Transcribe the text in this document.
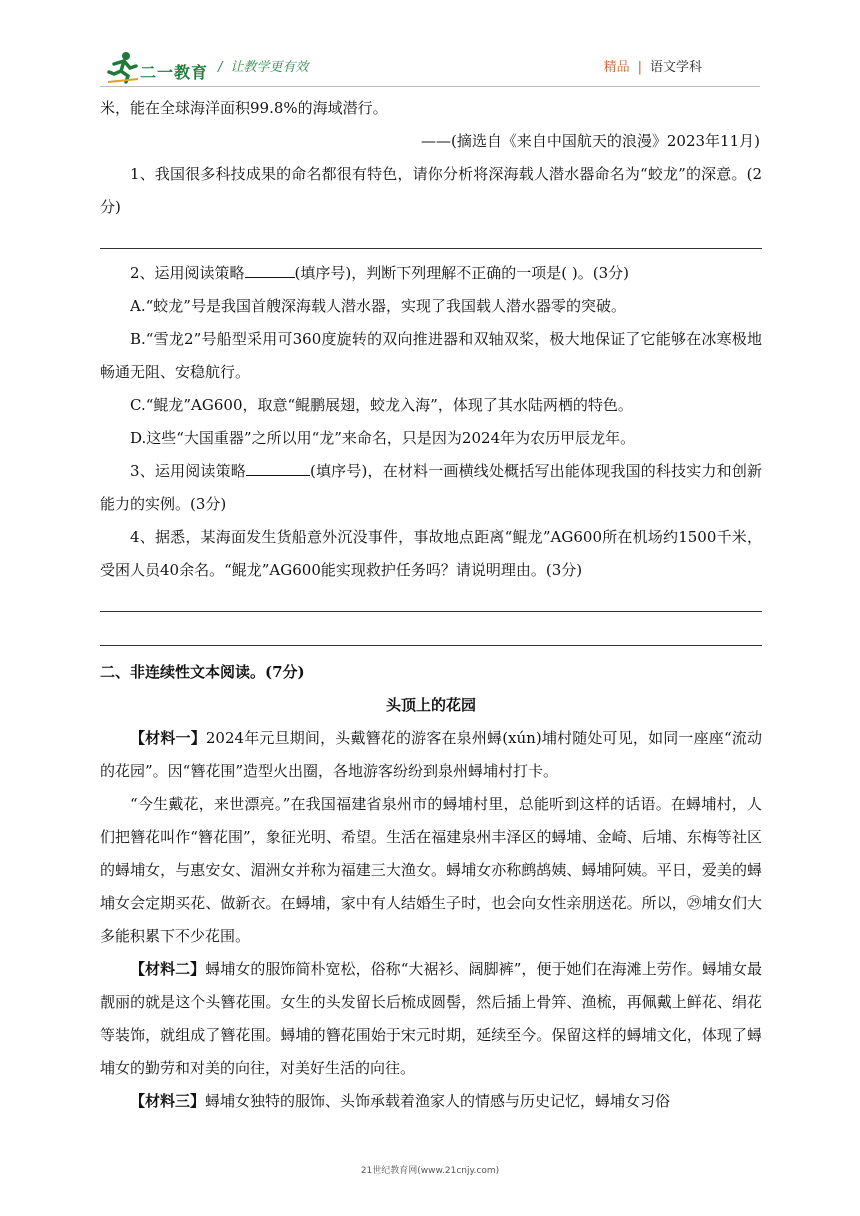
二一教育 / 让教学更有效	精品 | 语文学科

米，能在全球海洋面积99.8%的海域潜行。

——(摘选自《来自中国航天的浪漫》2023年11月)

1、我国很多科技成果的命名都很有特色，请你分析将深海载人潜水器命名为“蛟龙”的深意。(2分)

2、运用阅读策略	(填序号)，判断下列理解不正确的一项是( )。(3分)

A.“蛟龙”号是我国首艘深海载人潜水器，实现了我国载人潜水器零的突破。

B.“雪龙2”号船型采用可360度旋转的双向推进器和双轴双桨，极大地保证了它能够在冰寒极地畅通无阻、安稳航行。

C.“鲲龙”AG600，取意“鲲鹏展翅，蛟龙入海”，体现了其水陆两栖的特色。

D.这些“大国重器”之所以用“龙”来命名，只是因为2024年为农历甲辰龙年。

3、运用阅读策略	(填序号)，在材料一画横线处概括写出能体现我国的科技实力和创新能力的实例。(3分)

4、据悉，某海面发生货船意外沉没事件，事故地点距离“鲲龙”AG600所在机场约1500千米，受困人员40余名。“鲲龙”AG600能实现救护任务吗？请说明理由。(3分)

二、非连续性文本阅读。(7分)

头顶上的花园

【材料一】2024年元旦期间，头戴簪花的游客在泉州蟳(xún)埔村随处可见，如同一座座“流动的花园”。因“簪花围”造型火出圈，各地游客纷纷到泉州蟳埔村打卡。

“今生戴花，来世漂亮。”在我国福建省泉州市的蟳埔村里，总能听到这样的话语。在蟳埔村，人们把簪花叫作“簪花围”，象征光明、希望。生活在福建泉州丰泽区的蟳埔、金崎、后埔、东梅等社区的蟳埔女，与惠安女、湄洲女并称为福建三大渔女。蟳埔女亦称鹧鸪姨、蟳埔阿姨。平日，爱美的蟳埔女会定期买花、做新衣。在蟳埔，家中有人结婚生子时，也会向女性亲朋送花。所以，㉙埔女们大多能积累下不少花围。

【材料二】蟳埔女的服饰简朴宽松，俗称“大裾衫、阔脚裤”，便于她们在海滩上劳作。蟳埔女最靓丽的就是这个头簪花围。女生的头发留长后梳成圆髻，然后插上骨笄、渔梳，再佩戴上鲜花、绢花等装饰，就组成了簪花围。蟳埔的簪花围始于宋元时期，延续至今。保留这样的蟳埔文化，体现了蟳埔女的勤劳和对美的向往，对美好生活的向往。

【材料三】蟳埔女独特的服饰、头饰承载着渔家人的情感与历史记忆，蟳埔女习俗

21世纪教育网(www.21cnjy.com)
